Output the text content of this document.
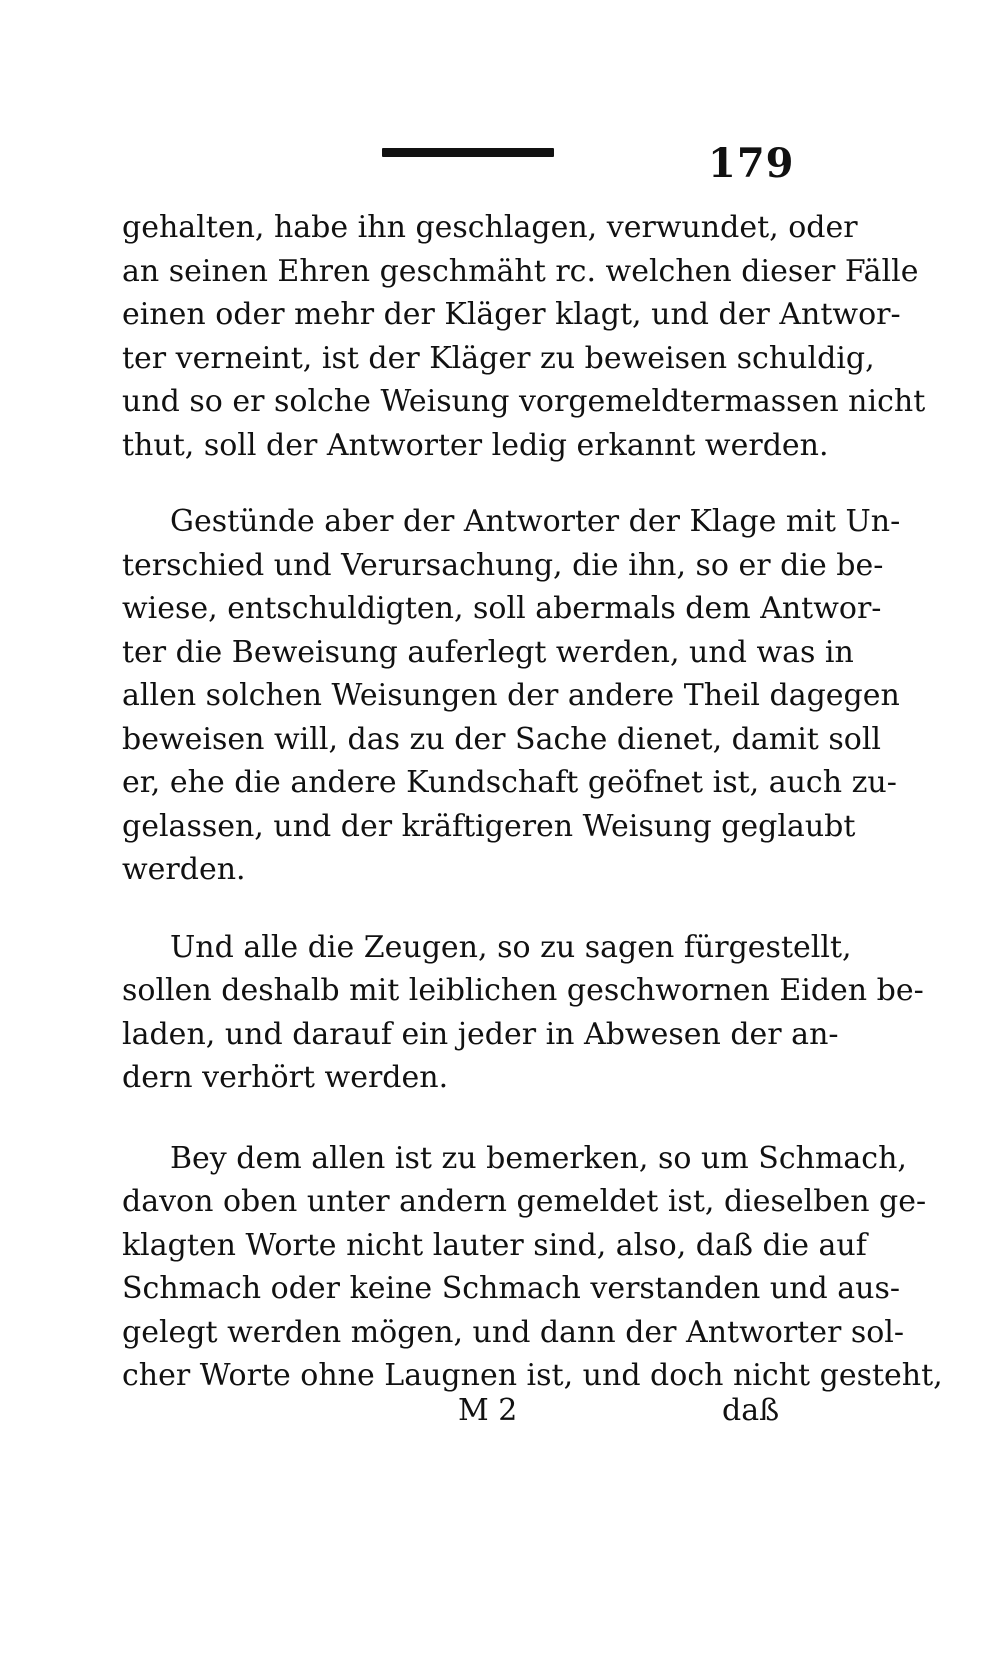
179
gehalten, habe ihn geschlagen, verwundet, oder
an seinen Ehren geschmäht rc. welchen dieser Fälle
einen oder mehr der Kläger klagt, und der Antwor-
ter verneint, ist der Kläger zu beweisen schuldig,
und so er solche Weisung vorgemeldtermassen nicht
thut, soll der Antworter ledig erkannt werden.
Gestünde aber der Antworter der Klage mit Un-
terschied und Verursachung, die ihn, so er die be-
wiese, entschuldigten, soll abermals dem Antwor-
ter die Beweisung auferlegt werden, und was in
allen solchen Weisungen der andere Theil dagegen
beweisen will, das zu der Sache dienet, damit soll
er, ehe die andere Kundschaft geöfnet ist, auch zu-
gelassen, und der kräftigeren Weisung geglaubt
werden.
Und alle die Zeugen, so zu sagen fürgestellt,
sollen deshalb mit leiblichen geschwornen Eiden be-
laden, und darauf ein jeder in Abwesen der an-
dern verhört werden.
Bey dem allen ist zu bemerken, so um Schmach,
davon oben unter andern gemeldet ist, dieselben ge-
klagten Worte nicht lauter sind, also, daß die auf
Schmach oder keine Schmach verstanden und aus-
gelegt werden mögen, und dann der Antworter sol-
cher Worte ohne Laugnen ist, und doch nicht gesteht,
M 2	daß
